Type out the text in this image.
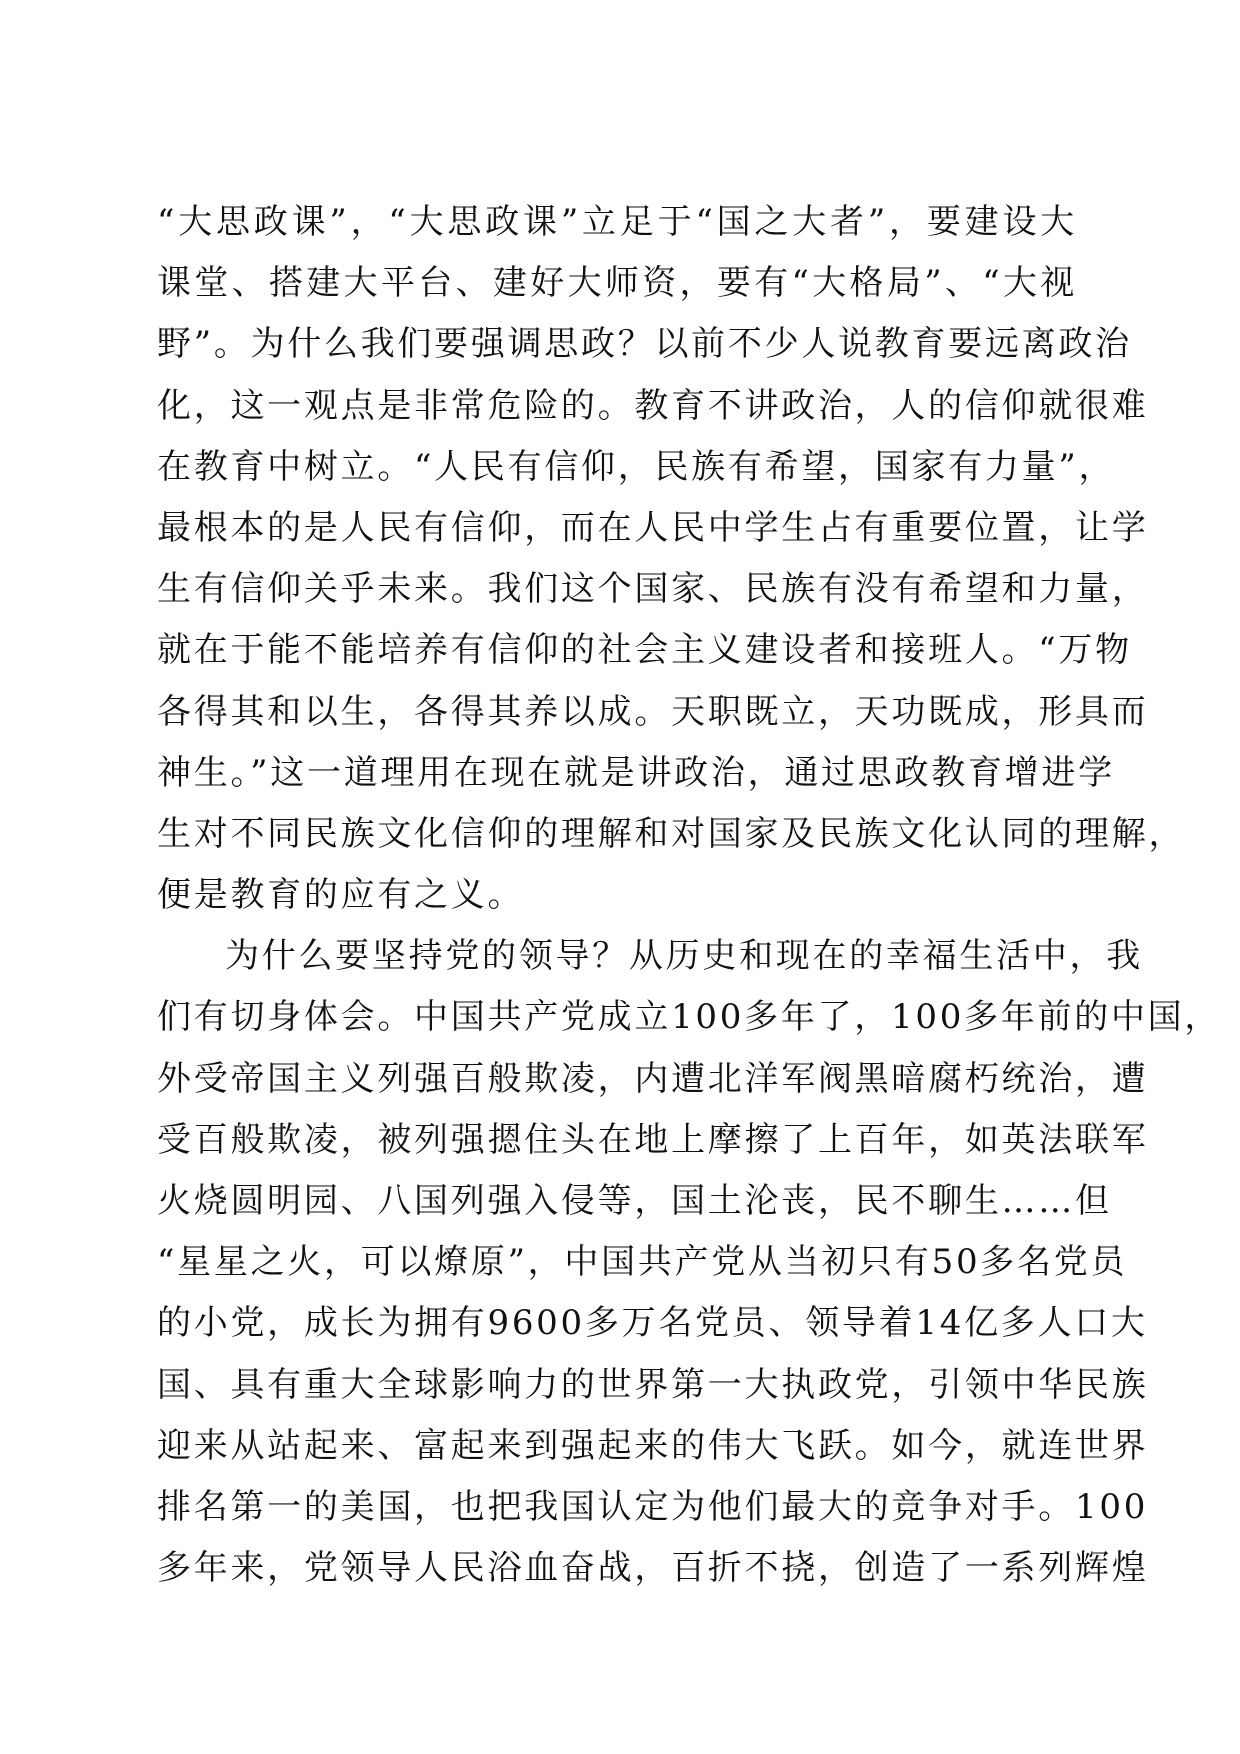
“大思政课”，“大思政课”立足于“国之大者”，要建设大
课堂、搭建大平台、建好大师资，要有“大格局”、“大视
野”。为什么我们要强调思政？以前不少人说教育要远离政治
化，这一观点是非常危险的。教育不讲政治，人的信仰就很难
在教育中树立。“人民有信仰，民族有希望，国家有力量”，
最根本的是人民有信仰，而在人民中学生占有重要位置，让学
生有信仰关乎未来。我们这个国家、民族有没有希望和力量，
就在于能不能培养有信仰的社会主义建设者和接班人。“万物
各得其和以生，各得其养以成。天职既立，天功既成，形具而
神生。”这一道理用在现在就是讲政治，通过思政教育增进学
生对不同民族文化信仰的理解和对国家及民族文化认同的理解，
便是教育的应有之义。
为什么要坚持党的领导？从历史和现在的幸福生活中，我
们有切身体会。中国共产党成立100多年了，100多年前的中国，
外受帝国主义列强百般欺凌，内遭北洋军阀黑暗腐朽统治，遭
受百般欺凌，被列强摁住头在地上摩擦了上百年，如英法联军
火烧圆明园、八国列强入侵等，国土沦丧，民不聊生……但
“星星之火，可以燎原”，中国共产党从当初只有50多名党员
的小党，成长为拥有9600多万名党员、领导着14亿多人口大
国、具有重大全球影响力的世界第一大执政党，引领中华民族
迎来从站起来、富起来到强起来的伟大飞跃。如今，就连世界
排名第一的美国，也把我国认定为他们最大的竞争对手。100
多年来，党领导人民浴血奋战，百折不挠，创造了一系列辉煌
